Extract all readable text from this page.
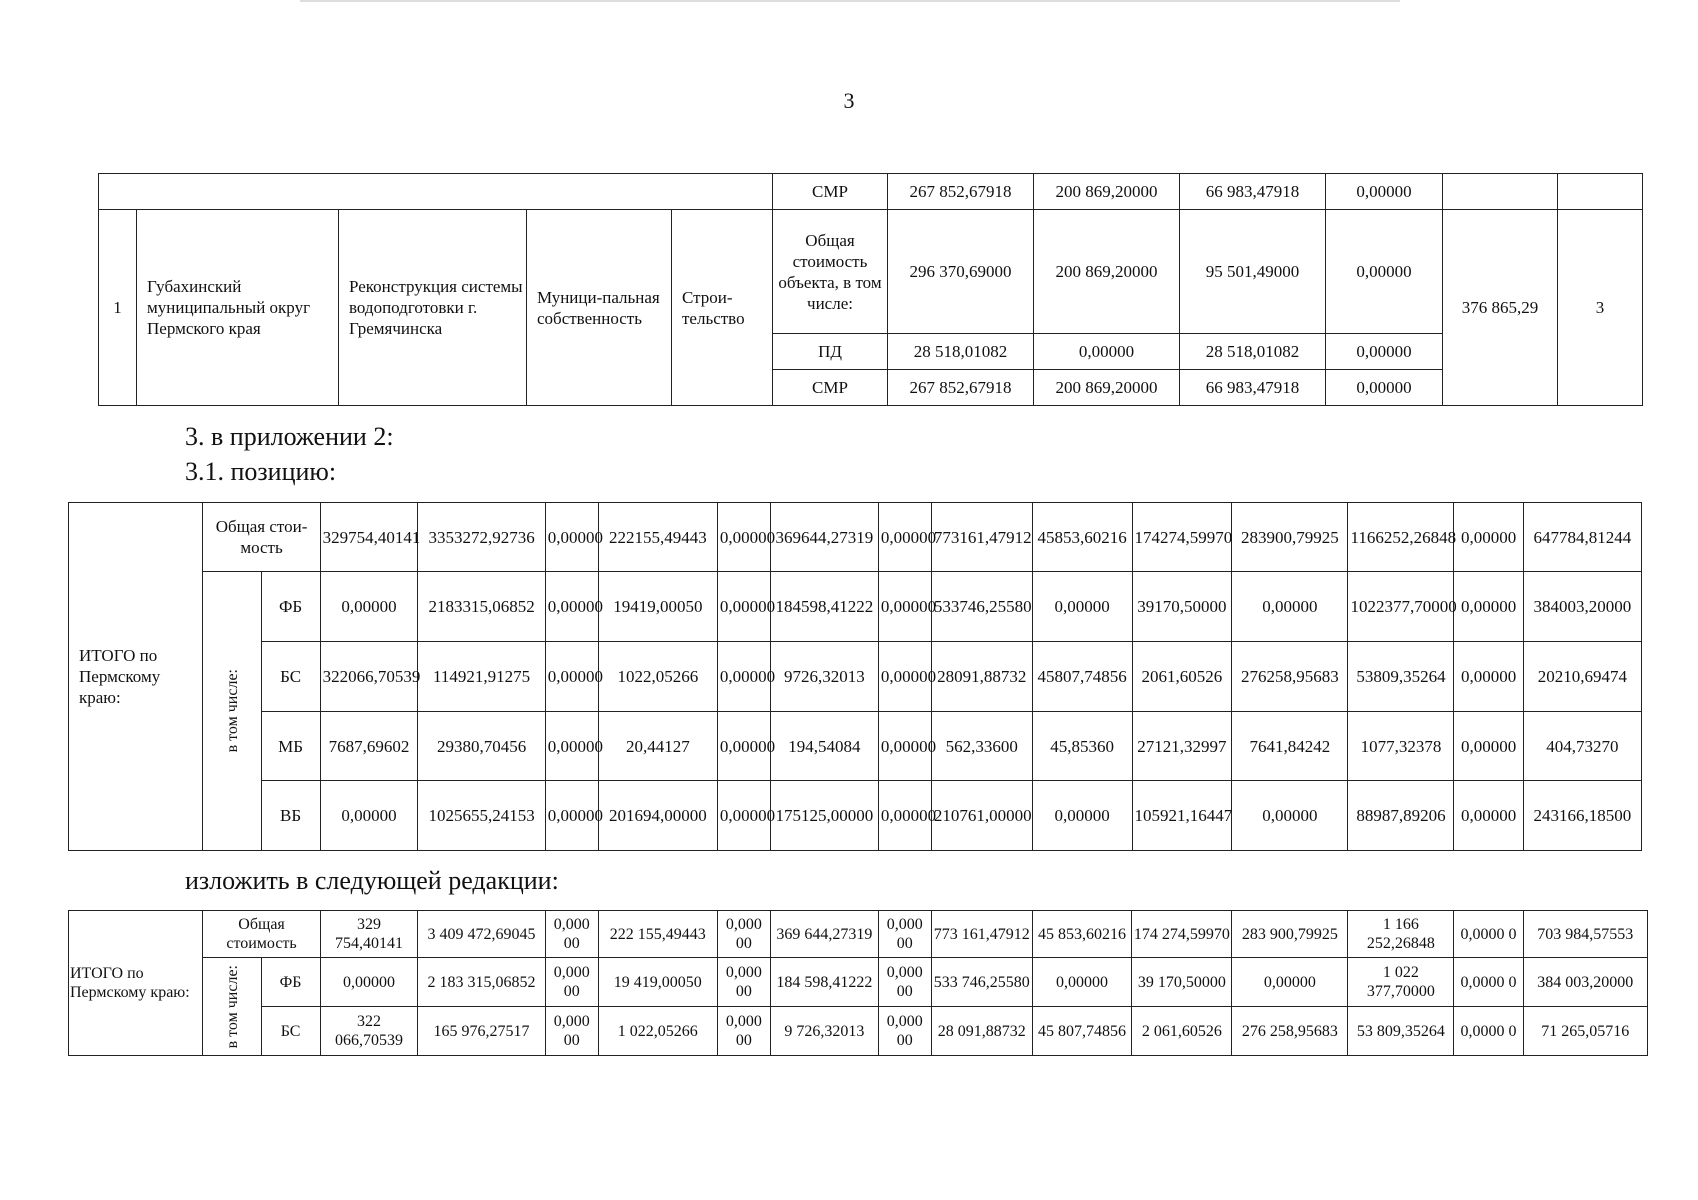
3
					СМР	267 852,67918	200 869,20000	66 983,47918	0,00000		
1	Губахинский муниципальный округ Пермского края	Реконструкция системы водоподготовки г. Гремячинска	Муници-пальная собственность	Строи-тельство	Общая стоимость объекта, в том числе:	296 370,69000	200 869,20000	95 501,49000	0,00000	376 865,29	3
					ПД	28 518,01082	0,00000	28 518,01082	0,00000		
					СМР	267 852,67918	200 869,20000	66 983,47918	0,00000		
3. в приложении 2:
3.1. позицию:
ИТОГО по Пермскому краю:	Общая стои-мость		329754,40141	3353272,92736	0,00000	222155,49443	0,00000	369644,27319	0,00000	773161,47912	45853,60216	174274,59970	283900,79925	1166252,26848	0,00000	647784,81244

	в том числе:	ФБ	0,00000	2183315,06852	0,00000	19419,00050	0,00000	184598,41222	0,00000	533746,25580	0,00000	39170,50000	0,00000	1022377,70000	0,00000	384003,20000
		БС	322066,70539	114921,91275	0,00000	1022,05266	0,00000	9726,32013	0,00000	28091,88732	45807,74856	2061,60526	276258,95683	53809,35264	0,00000	20210,69474
		МБ	7687,69602	29380,70456	0,00000	20,44127	0,00000	194,54084	0,00000	562,33600	45,85360	27121,32997	7641,84242	1077,32378	0,00000	404,73270
		ВБ	0,00000	1025655,24153	0,00000	201694,00000	0,00000	175125,00000	0,00000	210761,00000	0,00000	105921,16447	0,00000	88987,89206	0,00000	243166,18500
изложить в следующей редакции:
ИТОГО по Пермскому краю:	Общая стоимость		329 754,40141	3 409 472,69045	0,000 00	222 155,49443	0,000 00	369 644,27319	0,000 00	773 161,47912	45 853,60216	174 274,59970	283 900,79925	1 166 252,26848	0,0000 0	703 984,57553

	в том числе:	ФБ	0,00000	2 183 315,06852	0,000 00	19 419,00050	0,000 00	184 598,41222	0,000 00	533 746,25580	0,00000	39 170,50000	0,00000	1 022 377,70000	0,0000 0	384 003,20000
		БС	322 066,70539	165 976,27517	0,000 00	1 022,05266	0,000 00	9 726,32013	0,000 00	28 091,88732	45 807,74856	2 061,60526	276 258,95683	53 809,35264	0,0000 0	71 265,05716
